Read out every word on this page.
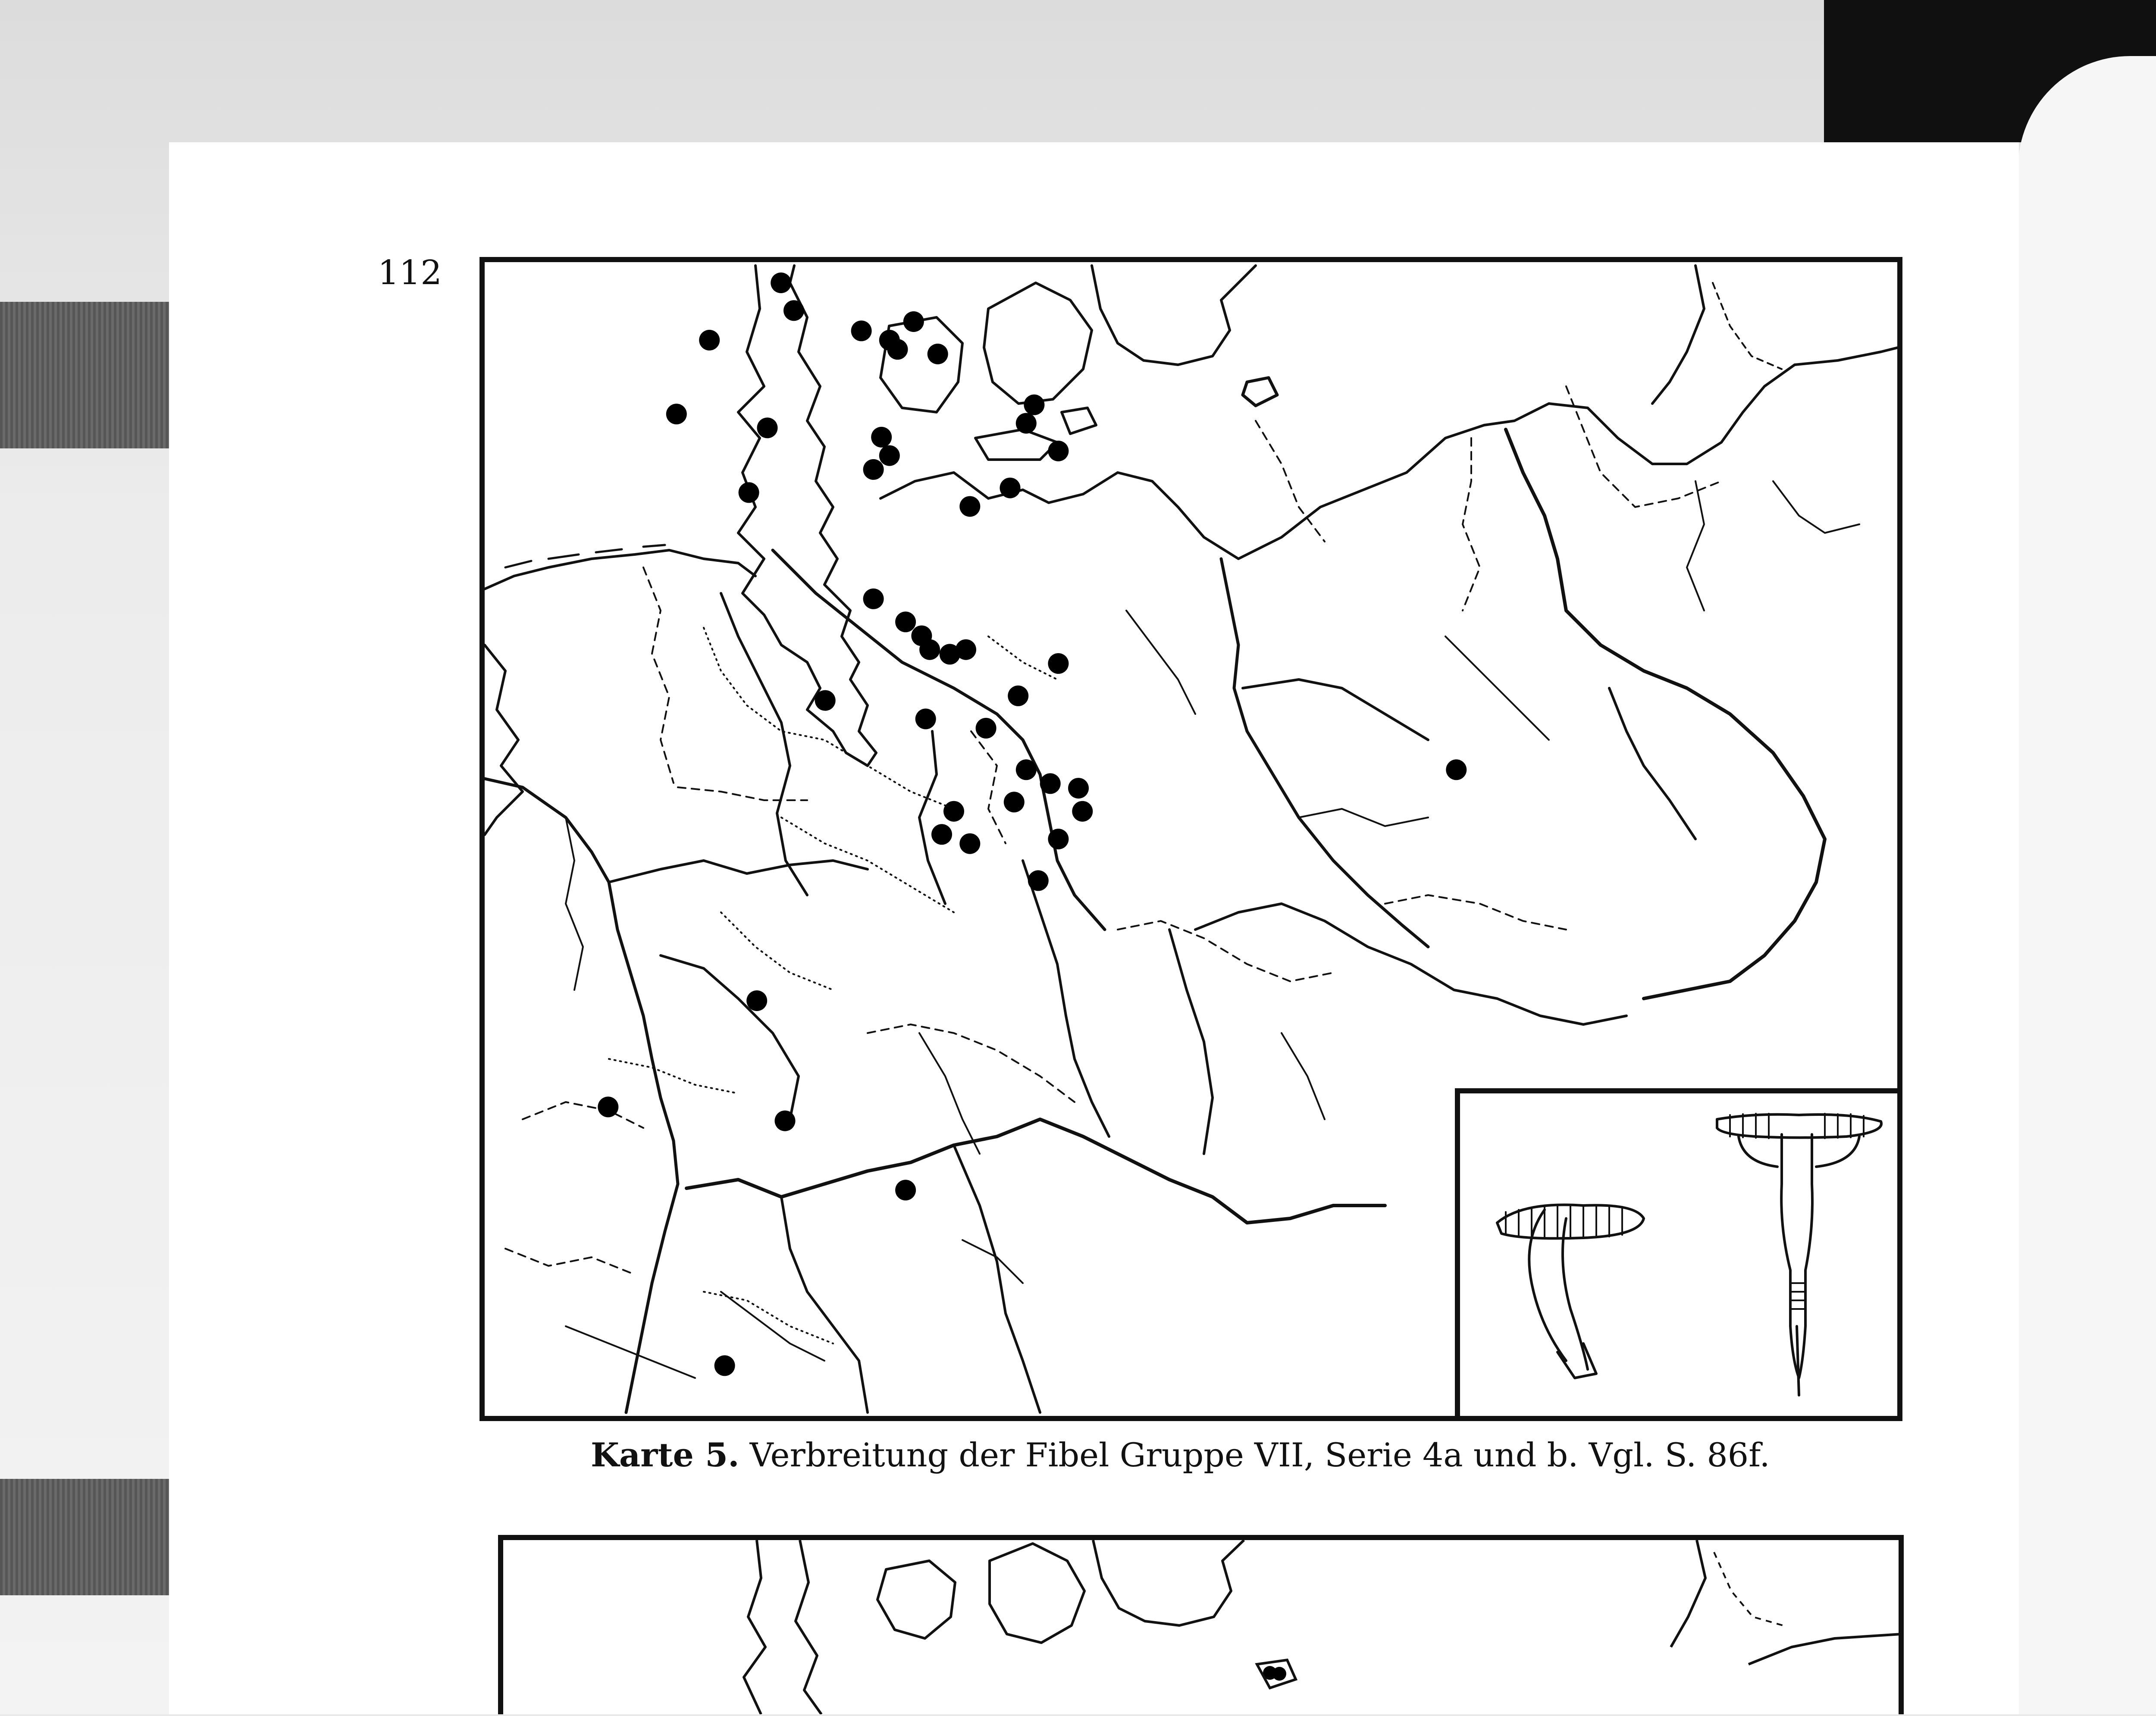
112
Karte 5. Verbreitung der Fibel Gruppe VII, Serie 4a und b. Vgl. S. 86f.
